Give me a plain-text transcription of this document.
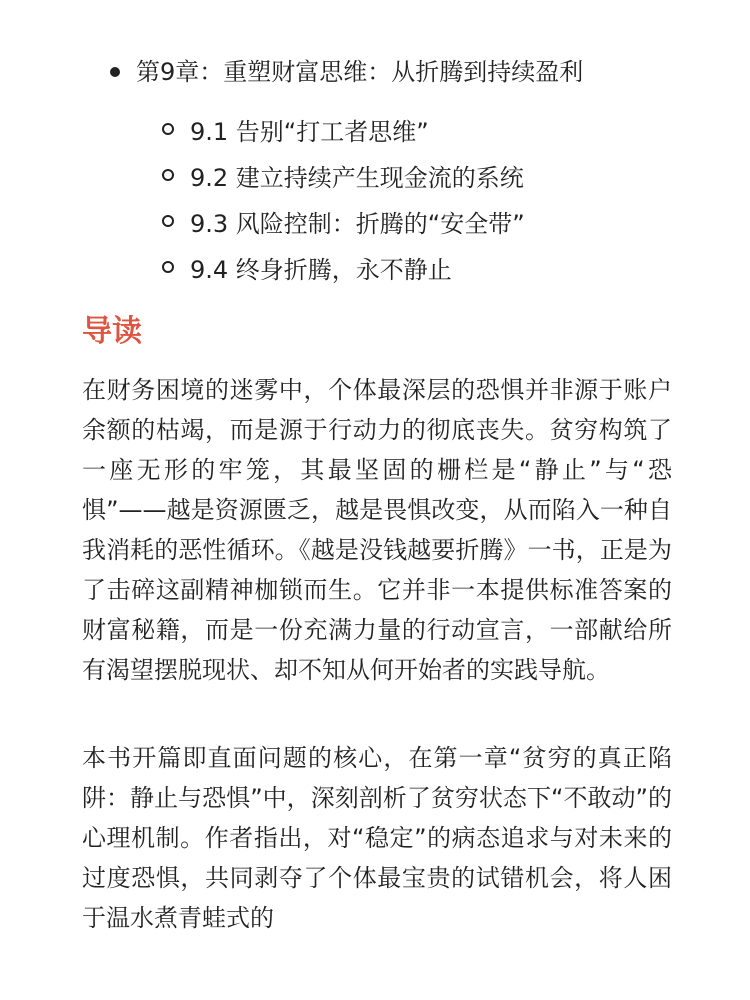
第9章：重塑财富思维：从折腾到持续盈利
9.1 告别“打工者思维”
9.2 建立持续产生现金流的系统
9.3 风险控制：折腾的“安全带”
9.4 终身折腾，永不静止
导读

在财务困境的迷雾中，个体最深层的恐惧并非源于账户余额的枯竭，而是源于行动力的彻底丧失。贫穷构筑了一座无形的牢笼，其最坚固的栅栏是“静止”与“恐惧”——越是资源匮乏，越是畏惧改变，从而陷入一种自我消耗的恶性循环。《越是没钱越要折腾》一书，正是为了击碎这副精神枷锁而生。它并非一本提供标准答案的财富秘籍，而是一份充满力量的行动宣言，一部献给所有渴望摆脱现状、却不知从何开始者的实践导航。

本书开篇即直面问题的核心，在第一章“贫穷的真正陷阱：静止与恐惧”中，深刻剖析了贫穷状态下“不敢动”的心理机制。作者指出，对“稳定”的病态追求与对未来的过度恐惧，共同剥夺了个体最宝贵的试错机会，将人困于温水煮青蛙式的
